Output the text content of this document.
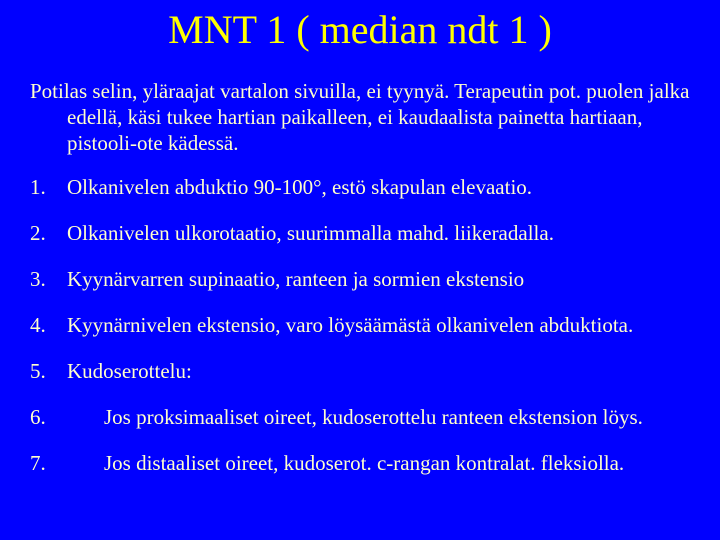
MNT 1 ( median ndt 1 )

Potilas selin, yläraajat vartalon sivuilla, ei tyynyä. Terapeutin pot. puolen jalka edellä, käsi tukee hartian paikalleen, ei kaudaalista painetta hartiaan, pistooli-ote kädessä.

1. Olkanivelen abduktio 90-100°, estö skapulan elevaatio.
2. Olkanivelen ulkorotaatio, suurimmalla mahd. liikeradalla.
3. Kyynärvarren supinaatio, ranteen ja sormien ekstensio
4. Kyynärnivelen ekstensio, varo löysäämästä olkanivelen abduktiota.
5. Kudoserottelu:
6.	Jos proksimaaliset oireet, kudoserottelu ranteen ekstension löys.
7.	Jos distaaliset oireet, kudoserot. c-rangan kontralat. fleksiolla.
